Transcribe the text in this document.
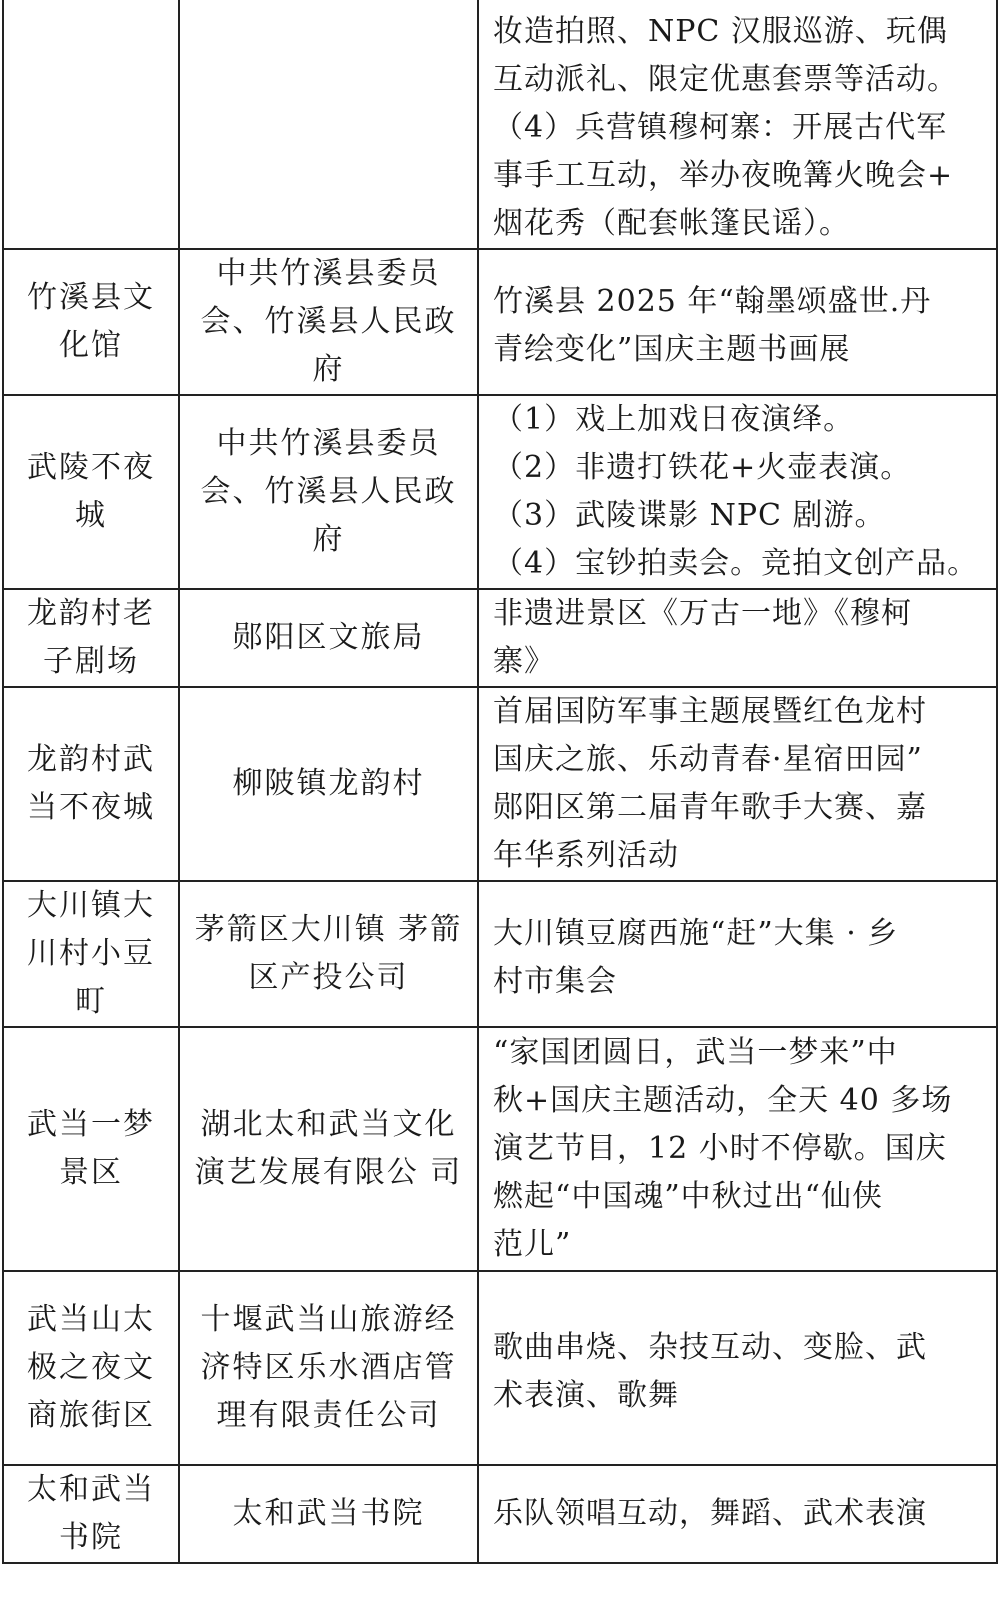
		妆造拍照、NPC 汉服巡游、玩偶
互动派礼、限定优惠套票等活动。
（4）兵营镇穆柯寨：开展古代军
事手工互动，举办夜晚篝火晚会+
烟花秀（配套帐篷民谣）。

竹溪县文化馆	中共竹溪县委员会、竹溪县人民政府	竹溪县 2025 年“翰墨颂盛世.丹
青绘变化”国庆主题书画展

武陵不夜城	中共竹溪县委员会、竹溪县人民政府	（1）戏上加戏日夜演绎。
（2）非遗打铁花+火壶表演。
（3）武陵谍影 NPC 剧游。
（4）宝钞拍卖会。竞拍文创产品。

龙韵村老子剧场	郧阳区文旅局	非遗进景区《万古一地》《穆柯
寨》

龙韵村武当不夜城	柳陂镇龙韵村	首届国防军事主题展暨红色龙村
国庆之旅、乐动青春·星宿田园”
郧阳区第二届青年歌手大赛、嘉
年华系列活动

大川镇大川村小豆町	茅箭区大川镇 茅箭区产投公司	大川镇豆腐西施“赶”大集 · 乡
村市集会

武当一梦景区	湖北太和武当文化演艺发展有限公 司	“家国团圆日，武当一梦来”中
秋+国庆主题活动，全天 40 多场
演艺节目，12 小时不停歇。国庆
燃起“中国魂”中秋过出“仙侠
范儿”

武当山太极之夜文商旅街区	十堰武当山旅游经济特区乐水酒店管理有限责任公司	歌曲串烧、杂技互动、变脸、武
术表演、歌舞

太和武当书院	太和武当书院	乐队领唱互动，舞蹈、武术表演
